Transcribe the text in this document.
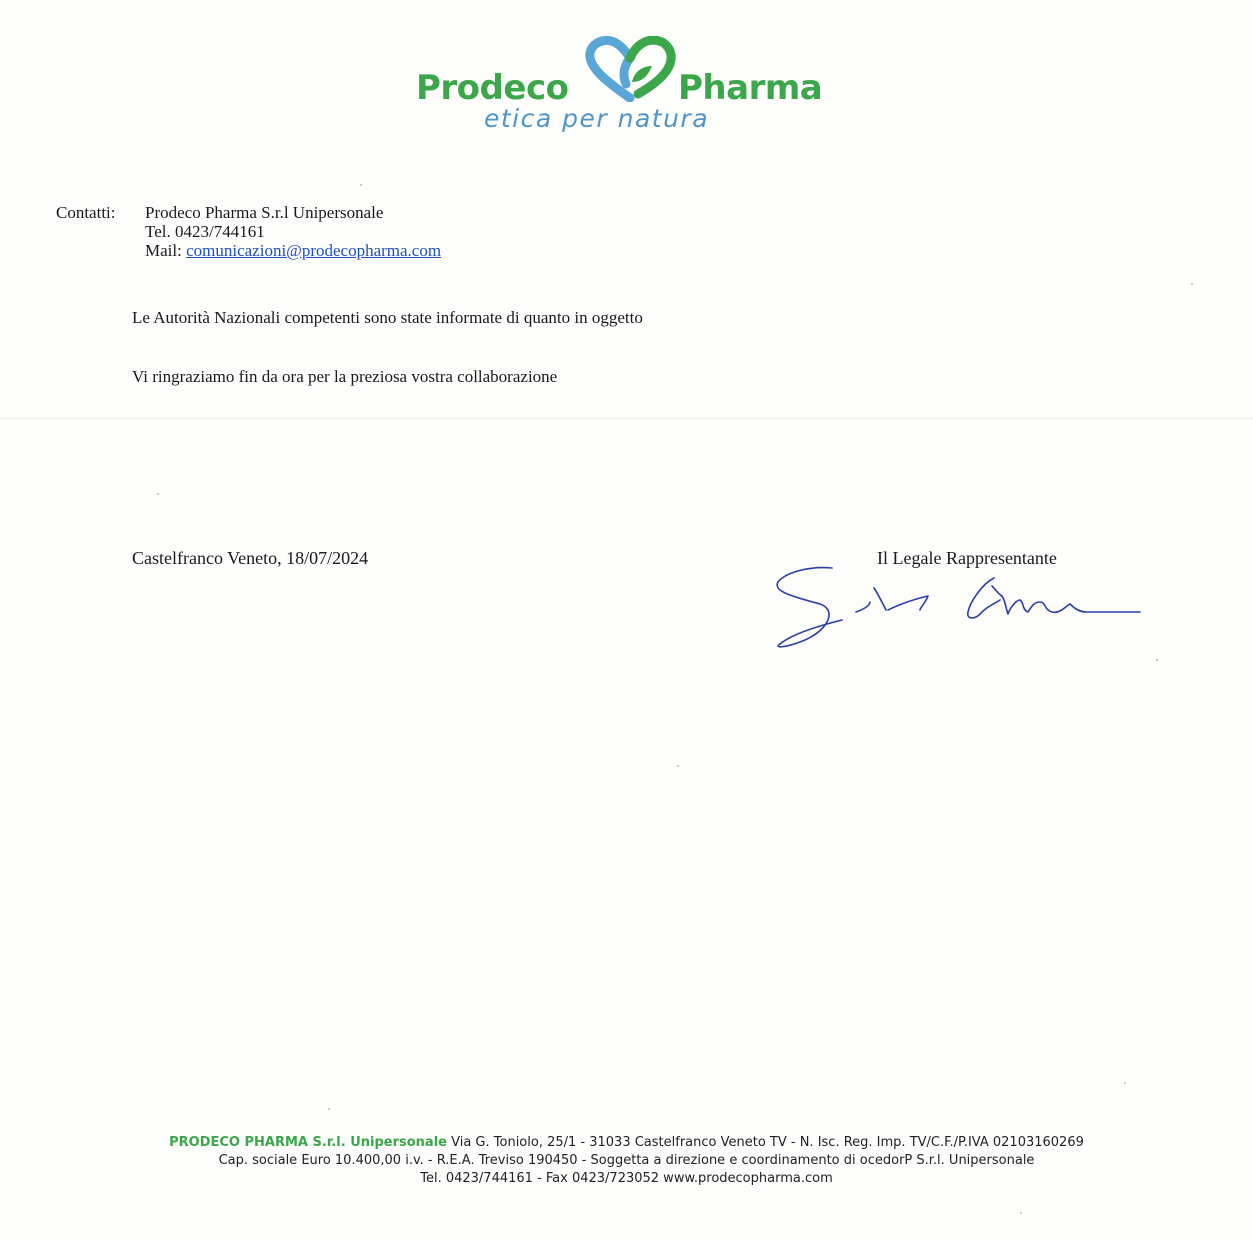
Prodeco	Pharma
etica per natura
Contatti: Prodeco Pharma S.r.l Unipersonale
Tel. 0423/744161
Mail: comunicazioni@prodecopharma.com
Le Autorità Nazionali competenti sono state informate di quanto in oggetto
Vi ringraziamo fin da ora per la preziosa vostra collaborazione
Castelfranco Veneto, 18/07/2024	Il Legale Rappresentante
PRODECO PHARMA S.r.l. Unipersonale Via G. Toniolo, 25/1 - 31033 Castelfranco Veneto TV - N. Isc. Reg. Imp. TV/C.F./P.IVA 02103160269
Cap. sociale Euro 10.400,00 i.v. - R.E.A. Treviso 190450 - Soggetta a direzione e coordinamento di ocedorP S.r.l. Unipersonale
Tel. 0423/744161 - Fax 0423/723052 www.prodecopharma.com
